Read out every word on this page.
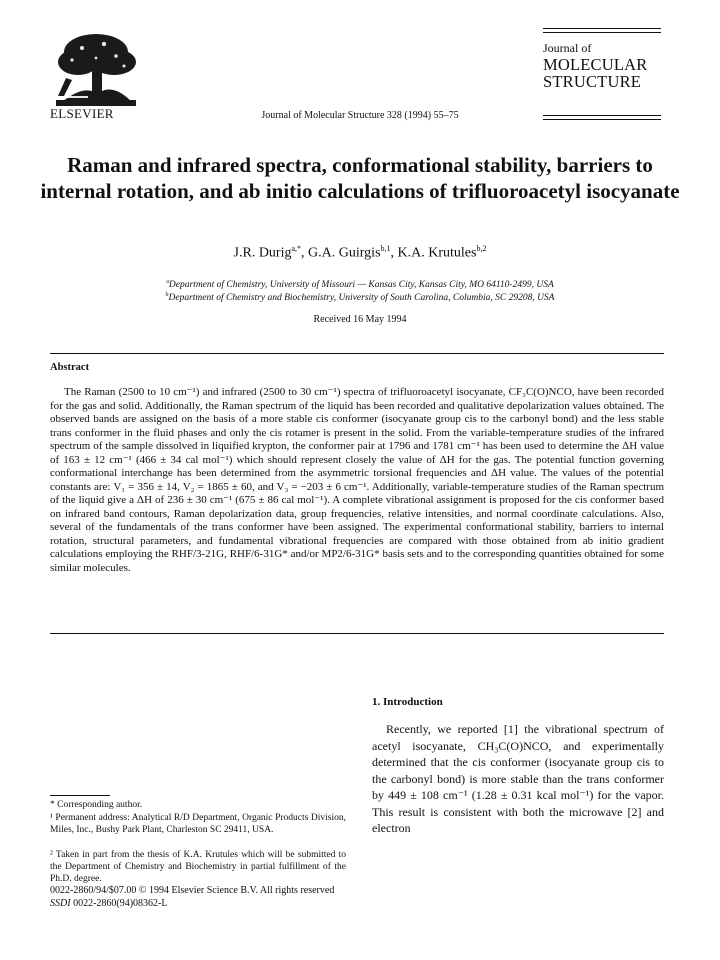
ELSEVIER	Journal of Molecular Structure 328 (1994) 55–75
Journal of
MOLECULAR
STRUCTURE
Raman and infrared spectra, conformational stability, barriers to internal rotation, and ab initio calculations of trifluoroacetyl isocyanate
J.R. Durig$^{a,*}$, G.A. Guirgis$^{b,1}$, K.A. Krutules$^{b,2}$
$^a$Department of Chemistry, University of Missouri — Kansas City, Kansas City, MO 64110-2499, USA
$^b$Department of Chemistry and Biochemistry, University of South Carolina, Columbia, SC 29208, USA
Received 16 May 1994
Abstract
The Raman (2500 to 10 cm⁻¹) and infrared (2500 to 30 cm⁻¹) spectra of trifluoroacetyl isocyanate, CF₃C(O)NCO, have been recorded for the gas and solid. Additionally, the Raman spectrum of the liquid has been recorded and qualitative depolarization values obtained. The observed bands are assigned on the basis of a more stable cis conformer (isocyanate group cis to the carbonyl bond) and the less stable trans conformer in the fluid phases and only the cis rotamer is present in the solid. From the variable-temperature studies of the infrared spectrum of the sample dissolved in liquified krypton, the conformer pair at 1796 and 1781 cm⁻¹ has been used to determine the ΔH value of 163 ± 12 cm⁻¹ (466 ± 34 cal mol⁻¹) which should represent closely the value of ΔH for the gas. The potential function governing conformational interchange has been determined from the asymmetric torsional frequencies and ΔH value. The values of the potential constants are: V₁ = 356 ± 14, V₂ = 1865 ± 60, and V₃ = −203 ± 6 cm⁻¹. Additionally, variable-temperature studies of the Raman spectrum of the liquid give a ΔH of 236 ± 30 cm⁻¹ (675 ± 86 cal mol⁻¹). A complete vibrational assignment is proposed for the cis conformer based on infrared band contours, Raman depolarization data, group frequencies, relative intensities, and normal coordinate calculations. Also, several of the fundamentals of the trans conformer have been assigned. The experimental conformational stability, barriers to internal rotation, structural parameters, and fundamental vibrational frequencies are compared with those obtained from ab initio gradient calculations employing the RHF/3-21G, RHF/6-31G* and/or MP2/6-31G* basis sets and to the corresponding quantities obtained for some similar molecules.
1. Introduction
Recently, we reported [1] the vibrational spectrum of acetyl isocyanate, CH₃C(O)NCO, and experimentally determined that the cis conformer (isocyanate group cis to the carbonyl bond) is more stable than the trans conformer by 449 ± 108 cm⁻¹ (1.28 ± 0.31 kcal mol⁻¹) for the vapor. This result is consistent with both the microwave [2] and electron
* Corresponding author.
¹ Permanent address: Analytical R/D Department, Organic Products Division, Miles, Inc., Bushy Park Plant, Charleston SC 29411, USA.
² Taken in part from the thesis of K.A. Krutules which will be submitted to the Department of Chemistry and Biochemistry in partial fulfillment of the Ph.D. degree.
0022-2860/94/$07.00 © 1994 Elsevier Science B.V. All rights reserved
SSDI 0022-2860(94)08362-L
